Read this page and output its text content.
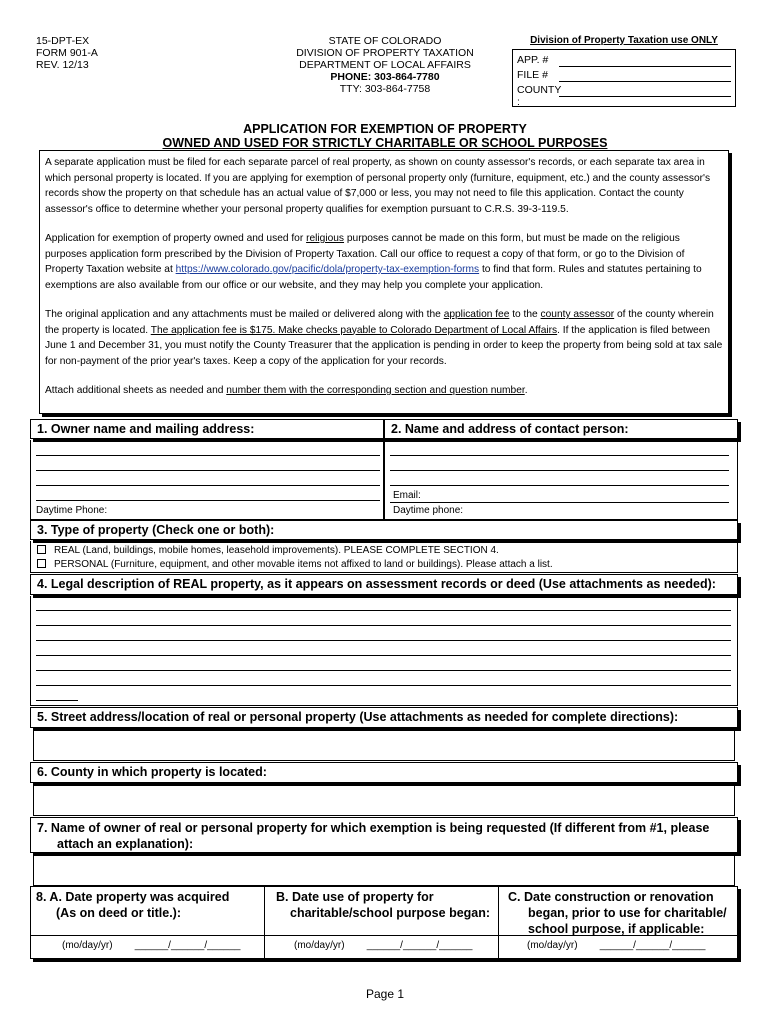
15-DPT-EX
FORM 901-A
REV. 12/13
STATE OF COLORADO
DIVISION OF PROPERTY TAXATION
DEPARTMENT OF LOCAL AFFAIRS
PHONE: 303-864-7780
TTY: 303-864-7758
Division of Property Taxation use ONLY
APP. #
FILE #
COUNTY
:
APPLICATION FOR EXEMPTION OF PROPERTY
OWNED AND USED FOR STRICTLY CHARITABLE OR SCHOOL PURPOSES
A separate application must be filed for each separate parcel of real property, as shown on county assessor's records, or each separate tax area in which personal property is located. If you are applying for exemption of personal property only (furniture, equipment, etc.) and the county assessor's records show the property on that schedule has an actual value of $7,000 or less, you may not need to file this application. Contact the county assessor's office to determine whether your personal property qualifies for exemption pursuant to C.R.S. 39-3-119.5.
Application for exemption of property owned and used for religious purposes cannot be made on this form, but must be made on the religious purposes application form prescribed by the Division of Property Taxation. Call our office to request a copy of that form, or go to the Division of Property Taxation website at https://www.colorado.gov/pacific/dola/property-tax-exemption-forms to find that form. Rules and statutes pertaining to exemptions are also available from our office or our website, and they may help you complete your application.
The original application and any attachments must be mailed or delivered along with the application fee to the county assessor of the county wherein the property is located. The application fee is $175. Make checks payable to Colorado Department of Local Affairs. If the application is filed between June 1 and December 31, you must notify the County Treasurer that the application is pending in order to keep the property from being sold at tax sale for non-payment of the prior year's taxes. Keep a copy of the application for your records.
Attach additional sheets as needed and number them with the corresponding section and question number.
1. Owner name and mailing address:	2. Name and address of contact person:
Daytime Phone:
Email:
Daytime phone:
3. Type of property (Check one or both):
REAL (Land, buildings, mobile homes, leasehold improvements). PLEASE COMPLETE SECTION 4.
PERSONAL (Furniture, equipment, and other movable items not affixed to land or buildings). Please attach a list.
4. Legal description of REAL property, as it appears on assessment records or deed (Use attachments as needed):
5. Street address/location of real or personal property (Use attachments as needed for complete directions):
6. County in which property is located:
7. Name of owner of real or personal property for which exemption is being requested (If different from #1, please
attach an explanation):
8. A. Date property was acquired
(As on deed or title.):
B. Date use of property for
charitable/school purpose began:
C. Date construction or renovation
began, prior to use for charitable/
school purpose, if applicable:
(mo/day/yr) ______/______/______	(mo/day/yr) ______/______/______	(mo/day/yr) ______/______/______
Page 1
